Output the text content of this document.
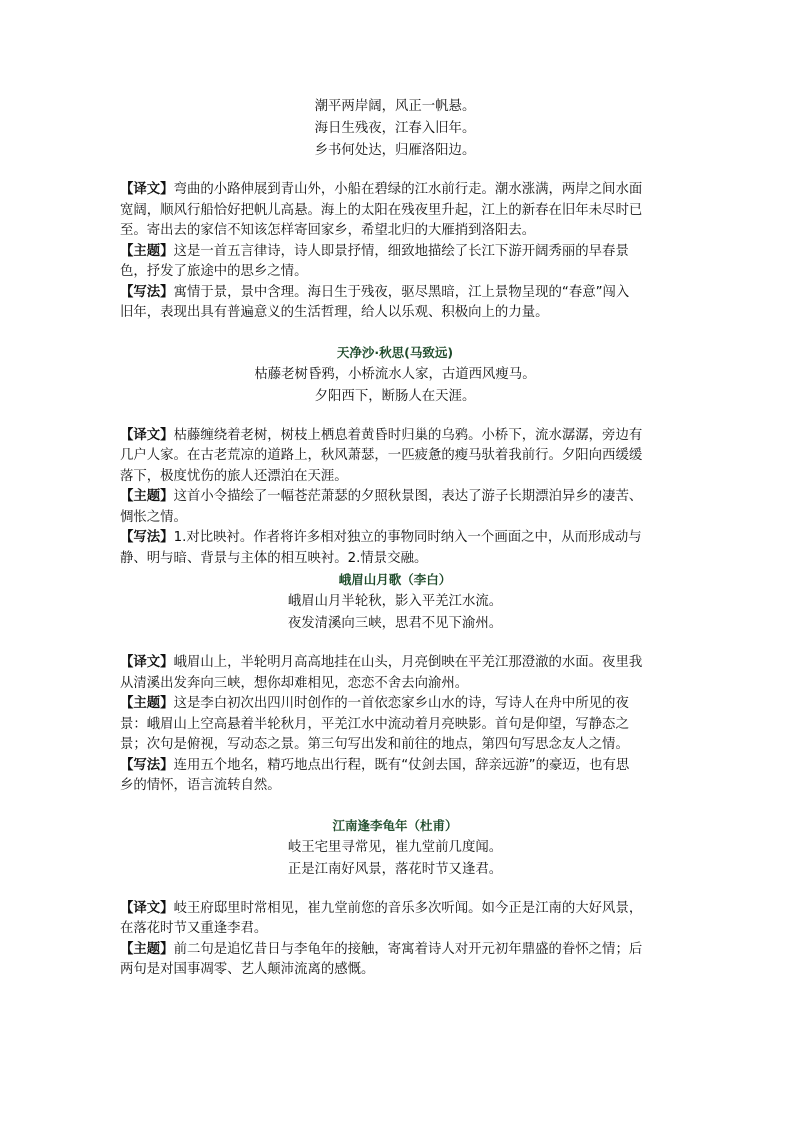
潮平两岸阔，风正一帆悬。
海日生残夜，江春入旧年。
乡书何处达，归雁洛阳边。
【译文】弯曲的小路伸展到青山外，小船在碧绿的江水前行走。潮水涨满，两岸之间水面
宽阔，顺风行船恰好把帆儿高悬。海上的太阳在残夜里升起，江上的新春在旧年未尽时已
至。寄出去的家信不知该怎样寄回家乡，希望北归的大雁捎到洛阳去。
【主题】这是一首五言律诗，诗人即景抒情，细致地描绘了长江下游开阔秀丽的早春景
色，抒发了旅途中的思乡之情。
【写法】寓情于景，景中含理。海日生于残夜，驱尽黑暗，江上景物呈现的“春意”闯入
旧年，表现出具有普遍意义的生活哲理，给人以乐观、积极向上的力量。
天净沙·秋思(马致远)
枯藤老树昏鸦，小桥流水人家，古道西风瘦马。
夕阳西下，断肠人在天涯。
【译文】枯藤缠绕着老树，树枝上栖息着黄昏时归巢的乌鸦。小桥下，流水潺潺，旁边有
几户人家。在古老荒凉的道路上，秋风萧瑟，一匹疲惫的瘦马驮着我前行。夕阳向西缓缓
落下，极度忧伤的旅人还漂泊在天涯。
【主题】这首小令描绘了一幅苍茫萧瑟的夕照秋景图，表达了游子长期漂泊异乡的凄苦、
惆怅之情。
【写法】1.对比映衬。作者将许多相对独立的事物同时纳入一个画面之中，从而形成动与
静、明与暗、背景与主体的相互映衬。2.情景交融。
峨眉山月歌（李白）
峨眉山月半轮秋，影入平羌江水流。
夜发清溪向三峡，思君不见下渝州。
【译文】峨眉山上，半轮明月高高地挂在山头，月亮倒映在平羌江那澄澈的水面。夜里我
从清溪出发奔向三峡，想你却难相见，恋恋不舍去向渝州。
【主题】这是李白初次出四川时创作的一首依恋家乡山水的诗，写诗人在舟中所见的夜
景：峨眉山上空高悬着半轮秋月，平羌江水中流动着月亮映影。首句是仰望，写静态之
景；次句是俯视，写动态之景。第三句写出发和前往的地点，第四句写思念友人之情。
【写法】连用五个地名，精巧地点出行程，既有“仗剑去国，辞亲远游”的豪迈，也有思
乡的情怀，语言流转自然。
江南逢李龟年（杜甫）
岐王宅里寻常见，崔九堂前几度闻。
正是江南好风景，落花时节又逢君。
【译文】岐王府邸里时常相见，崔九堂前您的音乐多次听闻。如今正是江南的大好风景，
在落花时节又重逢李君。
【主题】前二句是追忆昔日与李龟年的接触，寄寓着诗人对开元初年鼎盛的眷怀之情；后
两句是对国事凋零、艺人颠沛流离的感慨。
